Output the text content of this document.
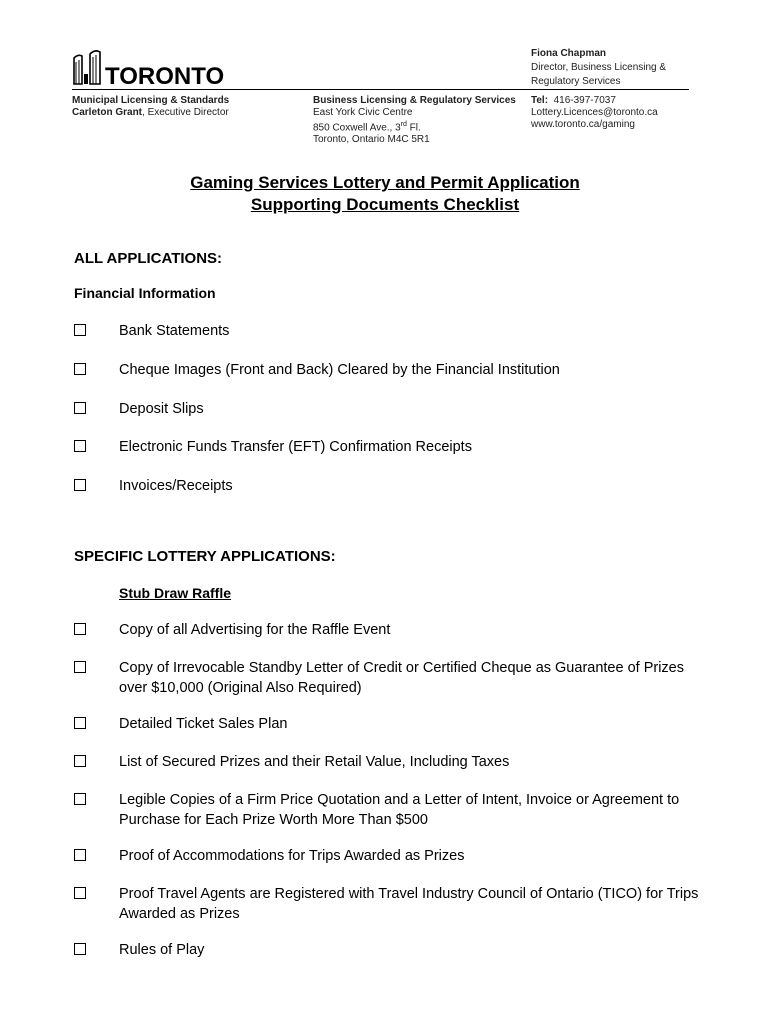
TORONTO
Fiona Chapman
Director, Business Licensing &
Regulatory Services
Municipal Licensing & Standards
Carleton Grant, Executive Director
Business Licensing & Regulatory Services
East York Civic Centre
850 Coxwell Ave., 3rd Fl.
Toronto, Ontario M4C 5R1
Tel: 416-397-7037
Lottery.Licences@toronto.ca
www.toronto.ca/gaming
Gaming Services Lottery and Permit Application
Supporting Documents Checklist
ALL APPLICATIONS:
Financial Information
Bank Statements
Cheque Images (Front and Back) Cleared by the Financial Institution
Deposit Slips
Electronic Funds Transfer (EFT) Confirmation Receipts
Invoices/Receipts
SPECIFIC LOTTERY APPLICATIONS:
Stub Draw Raffle
Copy of all Advertising for the Raffle Event
Copy of Irrevocable Standby Letter of Credit or Certified Cheque as Guarantee of Prizes over $10,000 (Original Also Required)
Detailed Ticket Sales Plan
List of Secured Prizes and their Retail Value, Including Taxes
Legible Copies of a Firm Price Quotation and a Letter of Intent, Invoice or Agreement to Purchase for Each Prize Worth More Than $500
Proof of Accommodations for Trips Awarded as Prizes
Proof Travel Agents are Registered with Travel Industry Council of Ontario (TICO) for Trips Awarded as Prizes
Rules of Play
